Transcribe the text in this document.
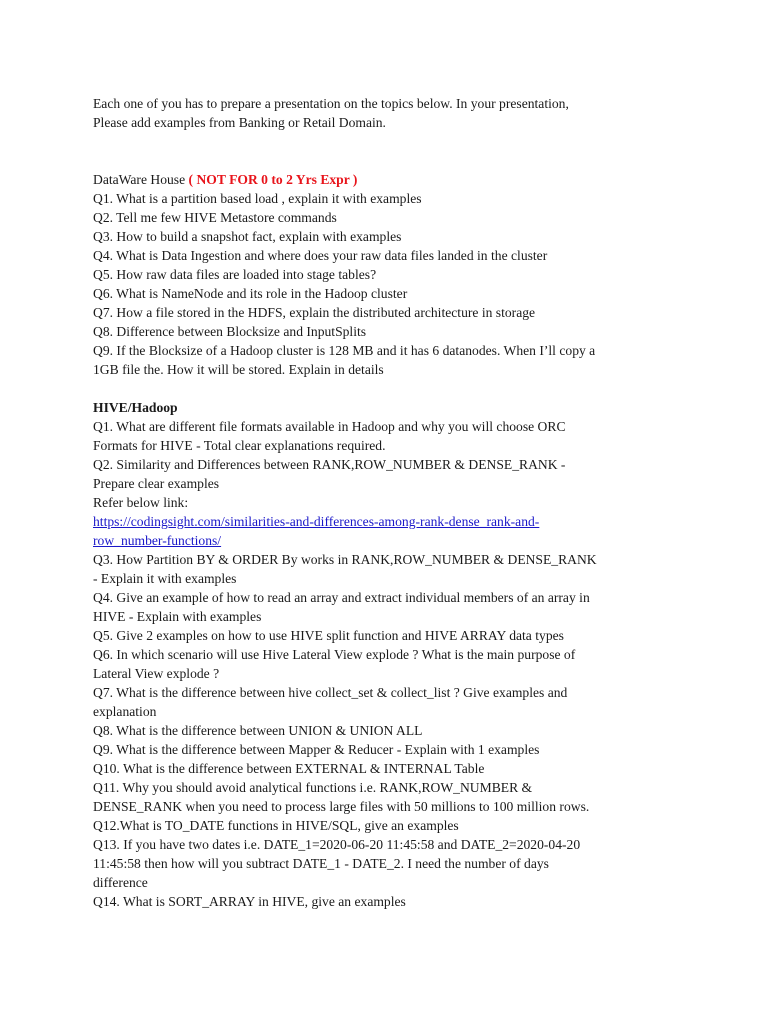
Each one of you has to prepare a presentation on the topics below. In your presentation,
Please add examples from Banking or Retail Domain.
DataWare House ( NOT FOR 0 to 2 Yrs Expr )
Q1. What is a partition based load , explain it with examples
Q2. Tell me few HIVE Metastore commands
Q3. How to build a snapshot fact, explain with examples
Q4. What is Data Ingestion and where does your raw data files landed in the cluster
Q5. How raw data files are loaded into stage tables?
Q6. What is NameNode and its role in the Hadoop cluster
Q7. How a file stored in the HDFS, explain the distributed architecture in storage
Q8. Difference between Blocksize and InputSplits
Q9. If the Blocksize of a Hadoop cluster is 128 MB and it has 6 datanodes. When I’ll copy a
1GB file the. How it will be stored. Explain in details
HIVE/Hadoop
Q1. What are different file formats available in Hadoop and why you will choose ORC
Formats for HIVE - Total clear explanations required.
Q2. Similarity and Differences between RANK,ROW_NUMBER & DENSE_RANK -
Prepare clear examples
Refer below link:
https://codingsight.com/similarities-and-differences-among-rank-dense_rank-and-
row_number-functions/
Q3. How Partition BY & ORDER By works in RANK,ROW_NUMBER & DENSE_RANK
- Explain it with examples
Q4. Give an example of how to read an array and extract individual members of an array in
HIVE - Explain with examples
Q5. Give 2 examples on how to use HIVE split function and HIVE ARRAY data types
Q6. In which scenario will use Hive Lateral View explode ? What is the main purpose of
Lateral View explode ?
Q7. What is the difference between hive collect_set & collect_list ? Give examples and
explanation
Q8. What is the difference between UNION & UNION ALL
Q9. What is the difference between Mapper & Reducer - Explain with 1 examples
Q10. What is the difference between EXTERNAL & INTERNAL Table
Q11. Why you should avoid analytical functions i.e. RANK,ROW_NUMBER &
DENSE_RANK when you need to process large files with 50 millions to 100 million rows.
Q12.What is TO_DATE functions in HIVE/SQL, give an examples
Q13. If you have two dates i.e. DATE_1=2020-06-20 11:45:58 and DATE_2=2020-04-20
11:45:58 then how will you subtract DATE_1 - DATE_2. I need the number of days
difference
Q14. What is SORT_ARRAY in HIVE, give an examples
